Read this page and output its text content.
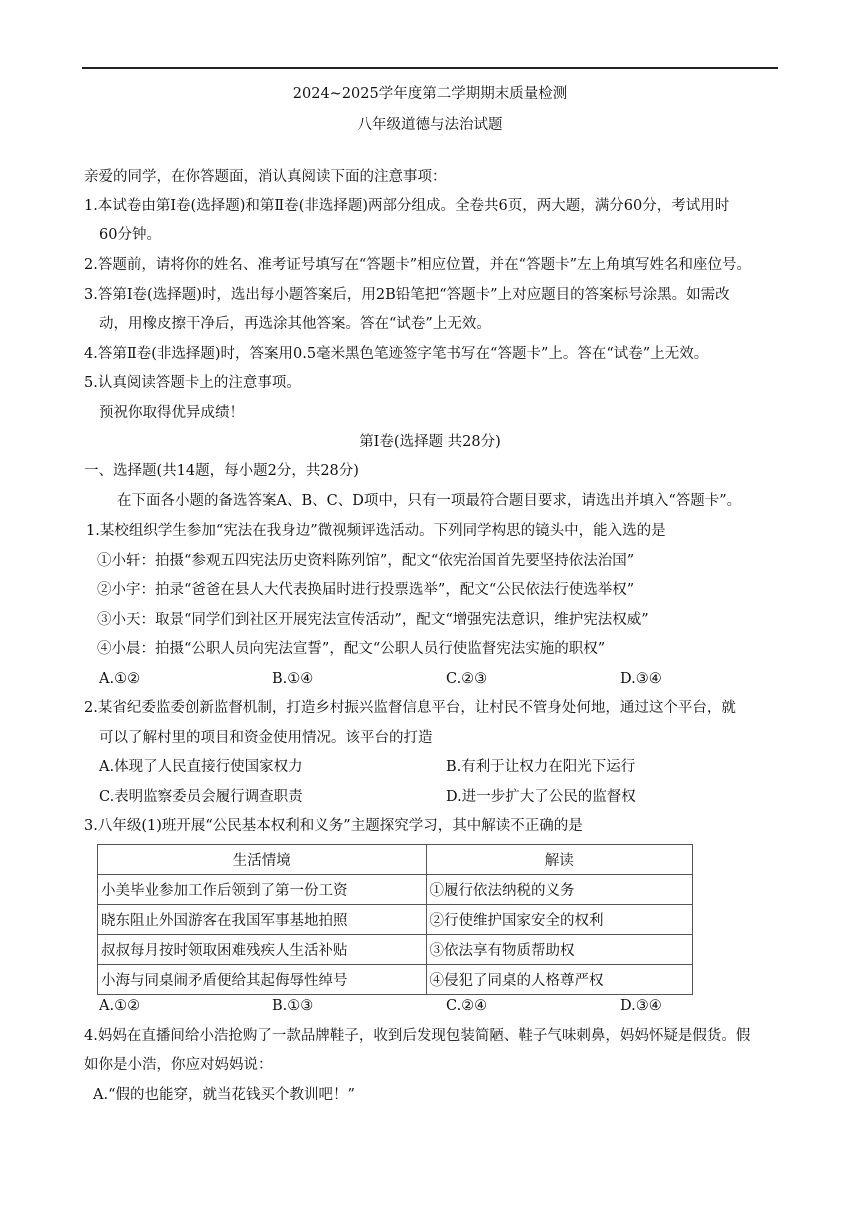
2024~2025学年度第二学期期末质量检测
八年级道德与法治试题
亲爱的同学，在你答题面，消认真阅读下面的注意事项：
1.本试卷由第Ⅰ卷(选择题)和第Ⅱ卷(非选择题)两部分组成。全卷共6页，两大题，满分60分，考试用时
60分钟。
2.答题前，请将你的姓名、准考证号填写在“答题卡”相应位置，并在“答题卡”左上角填写姓名和座位号。
3.答第Ⅰ卷(选择题)时，选出每小题答案后，用2B铅笔把“答题卡”上对应题目的答案标号涂黑。如需改
动，用橡皮擦干净后，再选涂其他答案。答在“试卷”上无效。
4.答第Ⅱ卷(非选择题)时，答案用0.5毫米黑色笔迹签字笔书写在“答题卡”上。答在“试卷”上无效。
5.认真阅读答题卡上的注意事项。
预祝你取得优异成绩！
第Ⅰ卷(选择题 共28分)
一、选择题(共14题，每小题2分，共28分)
在下面各小题的备选答案A、B、C、D项中，只有一项最符合题目要求，请选出并填入“答题卡”。
1.某校组织学生参加“宪法在我身边”微视频评选活动。下列同学构思的镜头中，能入选的是
①小轩：拍摄“参观五四宪法历史资料陈列馆”，配文“依宪治国首先要坚持依法治国”
②小宇：拍录“爸爸在县人大代表换届时进行投票选举”，配文“公民依法行使选举权”
③小天：取景“同学们到社区开展宪法宣传活动”，配文“增强宪法意识，维护宪法权威”
④小晨：拍摄“公职人员向宪法宣誓”，配文“公职人员行使监督宪法实施的职权”
A.①②	B.①④	C.②③	D.③④
2.某省纪委监委创新监督机制，打造乡村振兴监督信息平台，让村民不管身处何地，通过这个平台，就
可以了解村里的项目和资金使用情况。该平台的打造
A.体现了人民直接行使国家权力	B.有利于让权力在阳光下运行
C.表明监察委员会履行调查职责	D.进一步扩大了公民的监督权
3.八年级(1)班开展“公民基本权利和义务”主题探究学习，其中解读不正确的是
生活情境	解读
小美毕业参加工作后领到了第一份工资	①履行依法纳税的义务
晓东阻止外国游客在我国军事基地拍照	②行使维护国家安全的权利
叔叔每月按时领取困难残疾人生活补贴	③依法享有物质帮助权
小海与同桌闹矛盾便给其起侮辱性绰号	④侵犯了同桌的人格尊严权
A.①②	B.①③	C.②④	D.③④
4.妈妈在直播间给小浩抢购了一款品牌鞋子，收到后发现包装简陋、鞋子气味刺鼻，妈妈怀疑是假货。假
如你是小浩，你应对妈妈说：
A.“假的也能穿，就当花钱买个教训吧！”
